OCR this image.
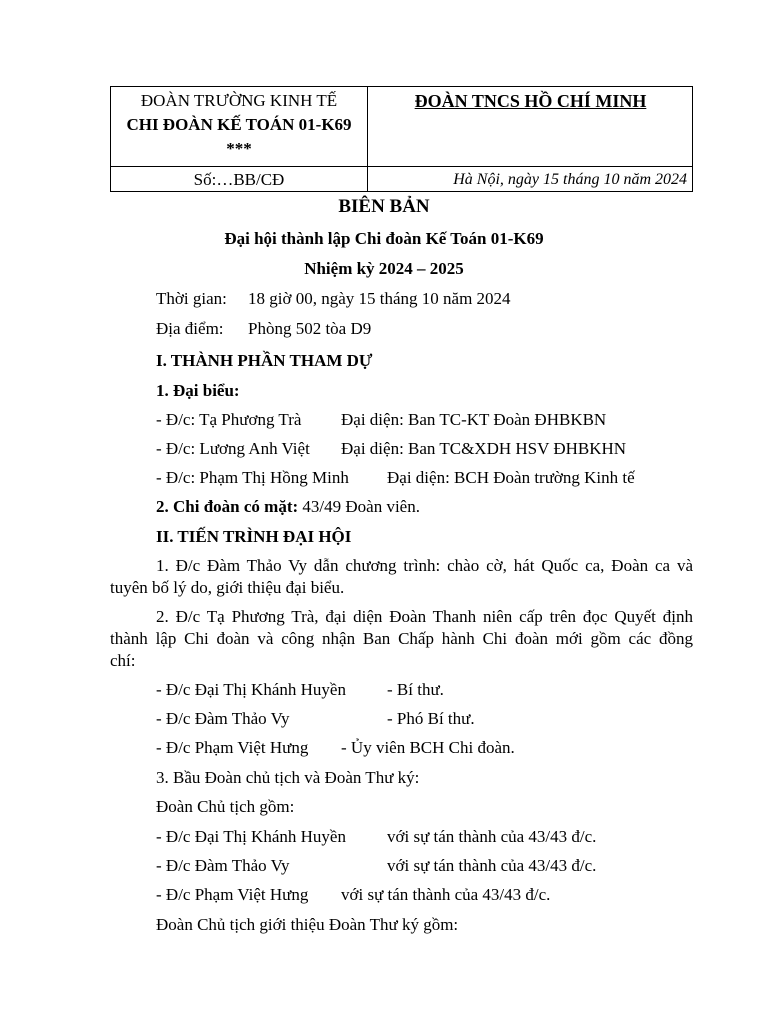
ĐOÀN TRƯỜNG KINH TẾ
CHI ĐOÀN KẾ TOÁN 01-K69
***
ĐOÀN TNCS HỒ CHÍ MINH
Số:…BB/CĐ	Hà Nội, ngày 15 tháng 10 năm 2024
BIÊN BẢN
Đại hội thành lập Chi đoàn Kế Toán 01-K69
Nhiệm kỳ 2024 – 2025
Thời gian: 18 giờ 00, ngày 15 tháng 10 năm 2024
Địa điểm: Phòng 502 tòa D9
I. THÀNH PHẦN THAM DỰ
1. Đại biểu:
- Đ/c: Tạ Phương Trà Đại diện: Ban TC-KT Đoàn ĐHBKBN
- Đ/c: Lương Anh Việt Đại diện: Ban TC&XDH HSV ĐHBKHN
- Đ/c: Phạm Thị Hồng Minh Đại diện: BCH Đoàn trường Kinh tế
2. Chi đoàn có mặt: 43/49 Đoàn viên.
II. TIẾN TRÌNH ĐẠI HỘI
1. Đ/c Đàm Thảo Vy dẫn chương trình: chào cờ, hát Quốc ca, Đoàn ca và
tuyên bố lý do, giới thiệu đại biểu.
2. Đ/c Tạ Phương Trà, đại diện Đoàn Thanh niên cấp trên đọc Quyết định
thành lập Chi đoàn và công nhận Ban Chấp hành Chi đoàn mới gồm các đồng
chí:
- Đ/c Đại Thị Khánh Huyền - Bí thư.
- Đ/c Đàm Thảo Vy	- Phó Bí thư.
- Đ/c Phạm Việt Hưng - Ủy viên BCH Chi đoàn.
3. Bầu Đoàn chủ tịch và Đoàn Thư ký:
Đoàn Chủ tịch gồm:
- Đ/c Đại Thị Khánh Huyền với sự tán thành của 43/43 đ/c.
- Đ/c Đàm Thảo Vy	với sự tán thành của 43/43 đ/c.
- Đ/c Phạm Việt Hưng với sự tán thành của 43/43 đ/c.
Đoàn Chủ tịch giới thiệu Đoàn Thư ký gồm:
